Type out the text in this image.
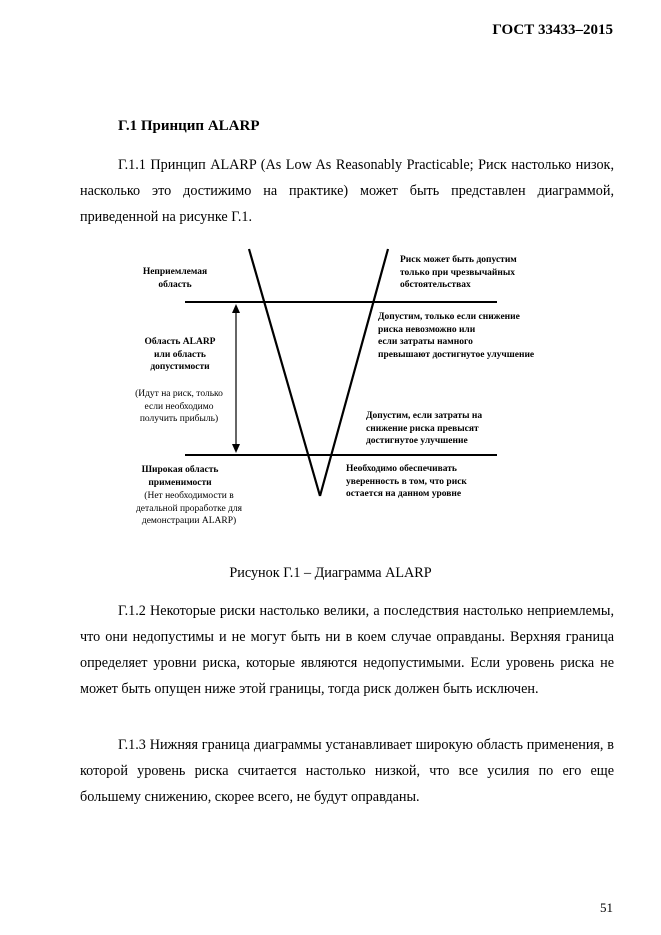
ГОСТ 33433–2015
Г.1 Принцип ALARP

Г.1.1 Принцип ALARP (As Low As Reasonably Practicable; Риск настолько низок, насколько это достижимо на практике) может быть представлен диаграммой, приведенной на рисунке Г.1.

Неприемлемая
область
Область ALARP
или область
допустимости
(Идут на риск, только
если необходимо
получить прибыль)
Широкая область
применимости
(Нет необходимости в
детальной проработке для
демонстрации ALARP)
Риск может быть допустим
только при чрезвычайных
обстоятельствах
Допустим, только если снижение
риска невозможно или
если затраты намного
превышают достигнутое улучшение
Допустим, если затраты на
снижение риска превысят
достигнутое улучшение
Необходимо обеспечивать
уверенность в том, что риск
остается на данном уровне
Рисунок Г.1 – Диаграмма ALARP

Г.1.2 Некоторые риски настолько велики, а последствия настолько неприемлемы, что они недопустимы и не могут быть ни в коем случае оправданы. Верхняя граница определяет уровни риска, которые являются недопустимыми. Если уровень риска не может быть опущен ниже этой границы, тогда риск должен быть исключен.

Г.1.3 Нижняя граница диаграммы устанавливает широкую область применения, в которой уровень риска считается настолько низкой, что все усилия по его еще большему снижению, скорее всего, не будут оправданы.

51
